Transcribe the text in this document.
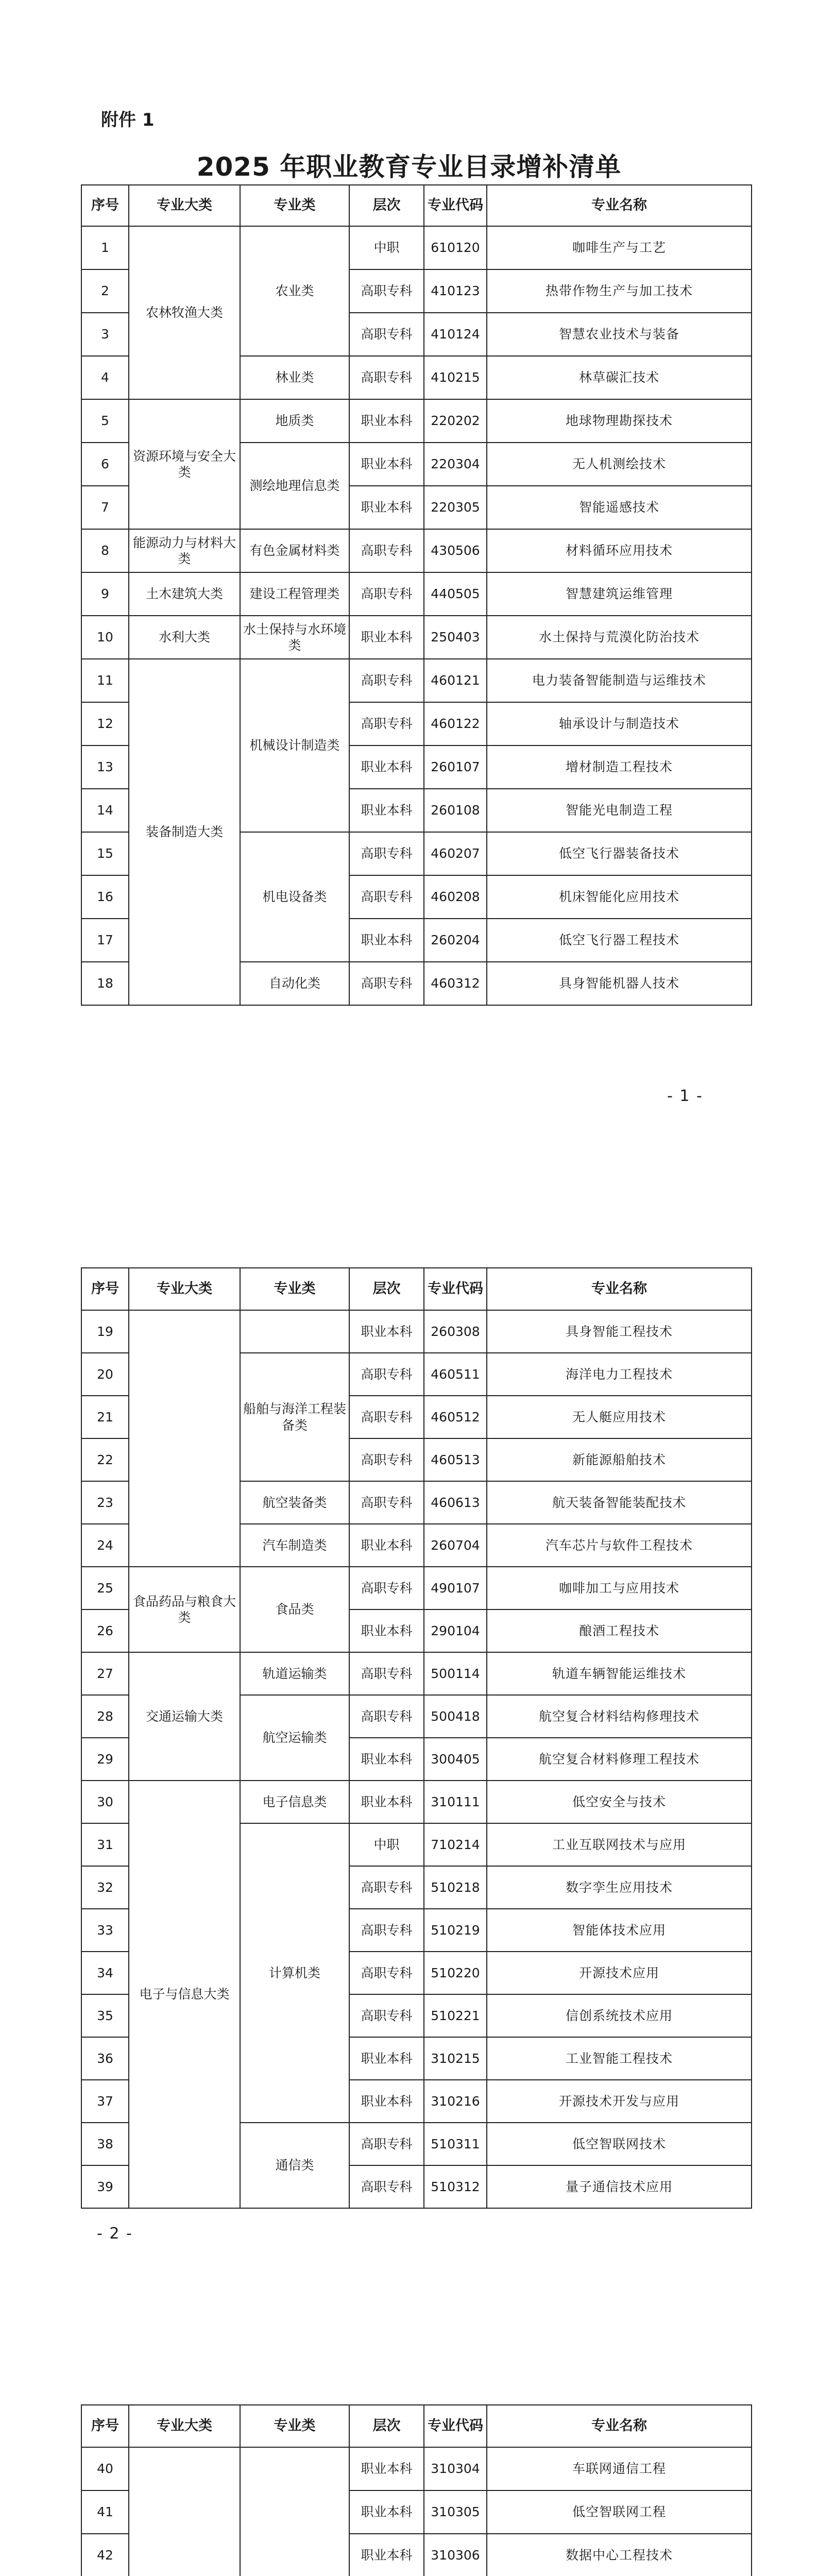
附件 1
2025 年职业教育专业目录增补清单
序号	专业大类	专业类	层次	专业代码	专业名称
1	农林牧渔大类	农业类	中职	610120	咖啡生产与工艺
2			高职专科	410123	热带作物生产与加工技术
3			高职专科	410124	智慧农业技术与装备
4		林业类	高职专科	410215	林草碳汇技术
5	资源环境与安全大类	地质类	职业本科	220202	地球物理勘探技术
6		测绘地理信息类	职业本科	220304	无人机测绘技术
7			职业本科	220305	智能遥感技术
8	能源动力与材料大类	有色金属材料类	高职专科	430506	材料循环应用技术
9	土木建筑大类	建设工程管理类	高职专科	440505	智慧建筑运维管理
10	水利大类	水土保持与水环境类	职业本科	250403	水土保持与荒漠化防治技术
11	装备制造大类	机械设计制造类	高职专科	460121	电力装备智能制造与运维技术
12			高职专科	460122	轴承设计与制造技术
13			职业本科	260107	增材制造工程技术
14			职业本科	260108	智能光电制造工程
15		机电设备类	高职专科	460207	低空飞行器装备技术
16			高职专科	460208	机床智能化应用技术
17			职业本科	260204	低空飞行器工程技术
18		自动化类	高职专科	460312	具身智能机器人技术
- 1 -
序号	专业大类	专业类	层次	专业代码	专业名称
19			职业本科	260308	具身智能工程技术
20		船舶与海洋工程装备类	高职专科	460511	海洋电力工程技术
21			高职专科	460512	无人艇应用技术
22			高职专科	460513	新能源船舶技术
23		航空装备类	高职专科	460613	航天装备智能装配技术
24		汽车制造类	职业本科	260704	汽车芯片与软件工程技术
25	食品药品与粮食大类	食品类	高职专科	490107	咖啡加工与应用技术
26			职业本科	290104	酿酒工程技术
27	交通运输大类	轨道运输类	高职专科	500114	轨道车辆智能运维技术
28		航空运输类	高职专科	500418	航空复合材料结构修理技术
29			职业本科	300405	航空复合材料修理工程技术
30	电子与信息大类	电子信息类	职业本科	310111	低空安全与技术
31		计算机类	中职	710214	工业互联网技术与应用
32			高职专科	510218	数字孪生应用技术
33			高职专科	510219	智能体技术应用
34			高职专科	510220	开源技术应用
35			高职专科	510221	信创系统技术应用
36			职业本科	310215	工业智能工程技术
37			职业本科	310216	开源技术开发与应用
38		通信类	高职专科	510311	低空智联网技术
39			高职专科	510312	量子通信技术应用
- 2 -
序号	专业大类	专业类	层次	专业代码	专业名称
40			职业本科	310304	车联网通信工程
41			职业本科	310305	低空智联网工程
42			职业本科	310306	数据中心工程技术
